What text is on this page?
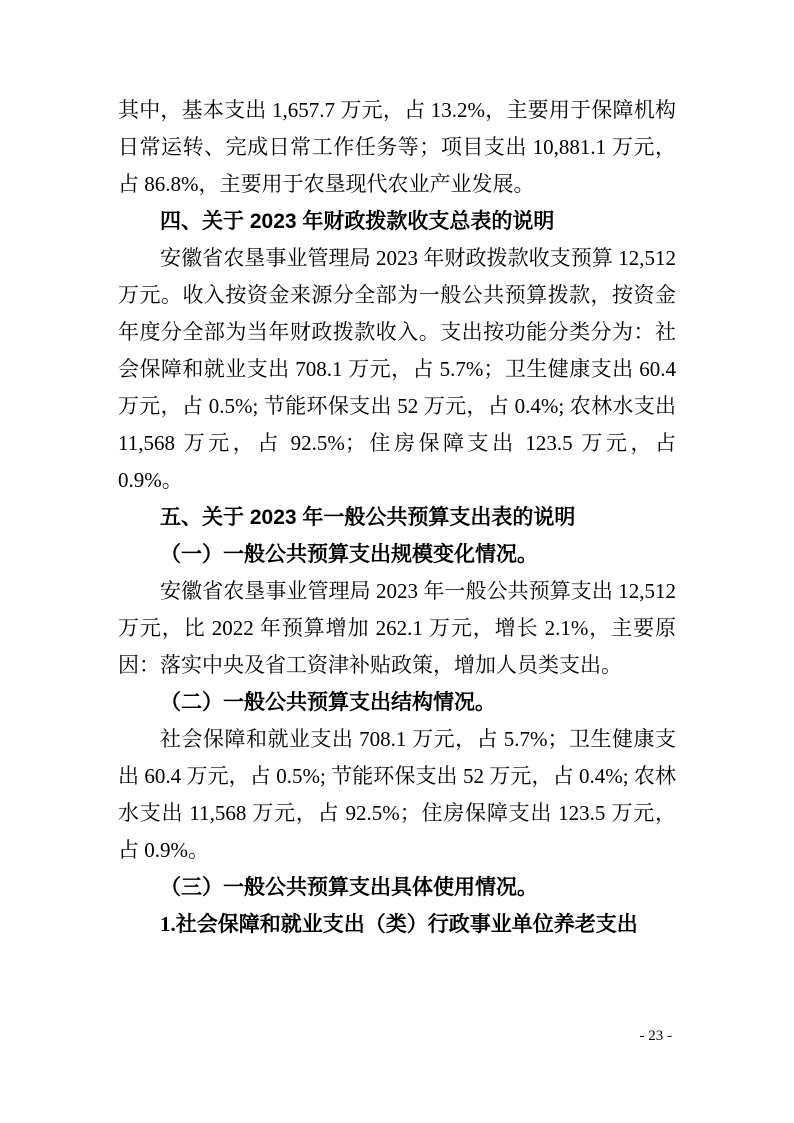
其中，基本支出 1,657.7 万元，占 13.2%，主要用于保障机构日常运转、完成日常工作任务等；项目支出 10,881.1 万元，占 86.8%，主要用于农垦现代农业产业发展。

四、关于 2023 年财政拨款收支总表的说明

安徽省农垦事业管理局 2023 年财政拨款收支预算 12,512 万元。收入按资金来源分全部为一般公共预算拨款，按资金年度分全部为当年财政拨款收入。支出按功能分类分为：社会保障和就业支出 708.1 万元，占 5.7%；卫生健康支出 60.4 万元，占 0.5%; 节能环保支出 52 万元，占 0.4%; 农林水支出 11,568 万元，占 92.5%；住房保障支出 123.5 万元，占 0.9%。

五、关于 2023 年一般公共预算支出表的说明
（一）一般公共预算支出规模变化情况。

安徽省农垦事业管理局 2023 年一般公共预算支出 12,512 万元，比 2022 年预算增加 262.1 万元，增长 2.1%，主要原因：落实中央及省工资津补贴政策，增加人员类支出。

（二）一般公共预算支出结构情况。

社会保障和就业支出 708.1 万元，占 5.7%；卫生健康支出 60.4 万元，占 0.5%; 节能环保支出 52 万元，占 0.4%; 农林水支出 11,568 万元，占 92.5%；住房保障支出 123.5 万元，占 0.9%。

（三）一般公共预算支出具体使用情况。
1.社会保障和就业支出（类）行政事业单位养老支出
- 23 -
